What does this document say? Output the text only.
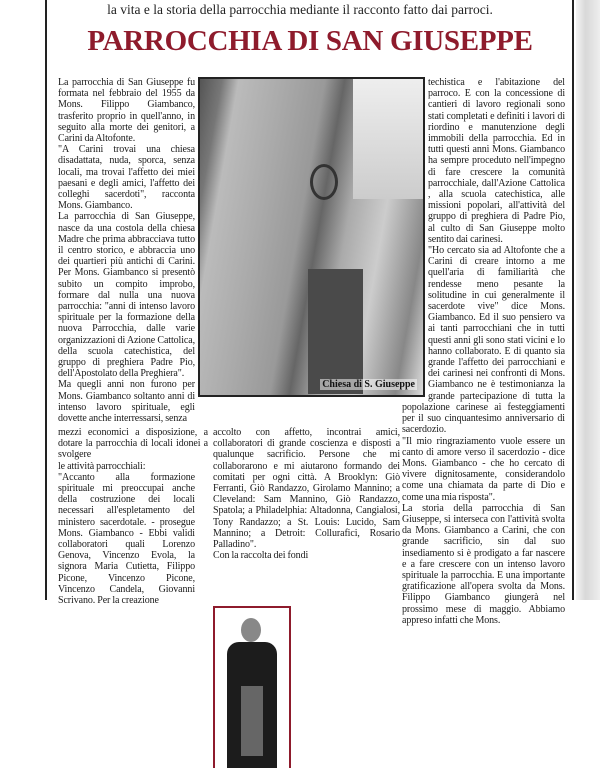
la vita e la storia della parrocchia mediante il racconto fatto dai parroci.
PARROCCHIA DI SAN GIUSEPPE

La parrocchia di San Giuseppe fu formata nel febbraio del 1955 da Mons. Filippo Giambanco, trasferito proprio in quell'anno, in seguito alla morte dei genitori, a Carini da Altofonte.

"A Carini trovai una chiesa disadattata, nuda, sporca, senza locali, ma trovai l'affetto dei miei paesani e degli amici, l'affetto dei colleghi sacerdoti", racconta Mons. Giambanco.

La parrocchia di San Giuseppe, nasce da una costola della chiesa Madre che prima abbracciava tutto il centro storico, e abbraccia uno dei quartieri più antichi di Carini. Per Mons. Giambanco si presentò subito un compito improbo, formare dal nulla una nuova parrocchia: "anni di intenso lavoro spirituale per la formazione della nuova Parrocchia, dalle varie organizzazioni di Azione Cattolica, della scuola catechistica, del gruppo di preghiera Padre Pio, dell'Apostolato della Preghiera".

Ma quegli anni non furono per Mons. Giambanco soltanto anni di intenso lavoro spirituale, egli dovette anche interressarsi, senza

Chiesa di S. Giuseppe

mezzi economici a disposizione, a dotare la parrocchia di locali idonei a svolgere

le attività parrocchiali:

"Accanto alla formazione spirituale mi preoccupai anche della costruzione dei locali necessari all'espletamento del ministero sacerdotale. - prosegue Mons. Giambanco - Ebbi validi collaboratori quali Lorenzo Genova, Vincenzo Evola, la signora Maria Cutietta, Filippo Picone, Vincenzo Picone, Vincenzo Candela, Giovanni Scrivano. Per la creazione

accolto con affetto, incontrai amici, collaboratori di grande coscienza e disposti a qualunque sacrificio. Persone che mi collaborarono e mi aiutarono formando dei comitati per ogni città. A Brooklyn: Giò Ferranti, Giò Randazzo, Girolamo Mannino; a Cleveland: Sam Mannino, Giò Randazzo, Spatola; a Philadelphia: Altadonna, Cangialosi, Tony Randazzo; a St. Louis: Lucido, Sam Mannino; a Detroit: Collurafici, Rosario Palladino".

Con la raccolta dei fondi

techistica e l'abitazione del parroco. E con la concessione di cantieri di lavoro regionali sono stati completati e definiti i lavori di riordino e manutenzione degli immobili della parrocchia. Ed in tutti questi anni Mons. Giambanco ha sempre proceduto nell'impegno di fare crescere la comunità parrocchiale, dall'Azione Cattolica , alla scuola catechistica, alle missioni popolari, all'attività del gruppo di preghiera di Padre Pio, al culto di San Giuseppe molto sentito dai carinesi.

"Ho cercato sia ad Altofonte che a Carini di creare intorno a me quell'aria di familiarità che rendesse meno pesante la solitudine in cui generalmente il sacerdote vive" dice Mons. Giambanco. Ed il suo pensiero va ai tanti parrocchiani che in tutti questi anni gli sono stati vicini e lo hanno collaborato. E di quanto sia grande l'affetto dei parrocchiani e dei carinesi nei confronti di Mons. Giambanco ne è testimonianza la grande partecipazione di tutta la popolazione carinese ai festeggiamenti per il suo cinquantesimo anniversario di sacerdozio.

"Il mio ringraziamento vuole essere un canto di amore verso il sacerdozio - dice Mons. Giambanco - che ho cercato di vivere dignitosamente, considerandolo come una chiamata da parte di Dio e come una mia risposta".

La storia della parrocchia di San Giuseppe, si interseca con l'attività svolta da Mons. Giambanco a Carini, che con grande sacrificio, sin dal suo insediamento si è prodigato a far nascere e a fare crescere con un intenso lavoro spirituale la parrocchia. E una importante gratificazione all'opera svolta da Mons. Filippo Giambanco giungerà nel prossimo mese di maggio. Abbiamo appreso infatti che Mons.
